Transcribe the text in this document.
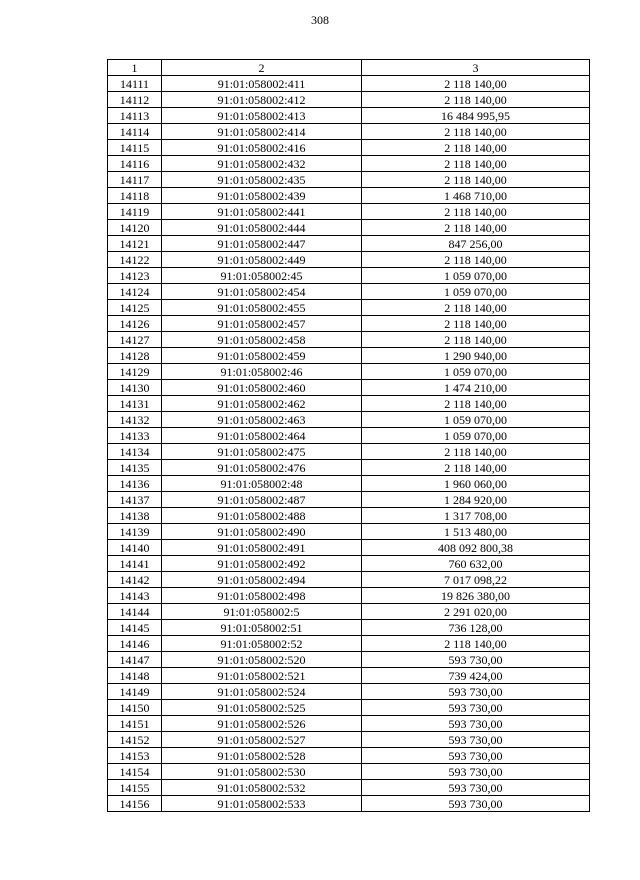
308
1	2	3
14111	91:01:058002:411	2 118 140,00
14112	91:01:058002:412	2 118 140,00
14113	91:01:058002:413	16 484 995,95
14114	91:01:058002:414	2 118 140,00
14115	91:01:058002:416	2 118 140,00
14116	91:01:058002:432	2 118 140,00
14117	91:01:058002:435	2 118 140,00
14118	91:01:058002:439	1 468 710,00
14119	91:01:058002:441	2 118 140,00
14120	91:01:058002:444	2 118 140,00
14121	91:01:058002:447	847 256,00
14122	91:01:058002:449	2 118 140,00
14123	91:01:058002:45	1 059 070,00
14124	91:01:058002:454	1 059 070,00
14125	91:01:058002:455	2 118 140,00
14126	91:01:058002:457	2 118 140,00
14127	91:01:058002:458	2 118 140,00
14128	91:01:058002:459	1 290 940,00
14129	91:01:058002:46	1 059 070,00
14130	91:01:058002:460	1 474 210,00
14131	91:01:058002:462	2 118 140,00
14132	91:01:058002:463	1 059 070,00
14133	91:01:058002:464	1 059 070,00
14134	91:01:058002:475	2 118 140,00
14135	91:01:058002:476	2 118 140,00
14136	91:01:058002:48	1 960 060,00
14137	91:01:058002:487	1 284 920,00
14138	91:01:058002:488	1 317 708,00
14139	91:01:058002:490	1 513 480,00
14140	91:01:058002:491	408 092 800,38
14141	91:01:058002:492	760 632,00
14142	91:01:058002:494	7 017 098,22
14143	91:01:058002:498	19 826 380,00
14144	91:01:058002:5	2 291 020,00
14145	91:01:058002:51	736 128,00
14146	91:01:058002:52	2 118 140,00
14147	91:01:058002:520	593 730,00
14148	91:01:058002:521	739 424,00
14149	91:01:058002:524	593 730,00
14150	91:01:058002:525	593 730,00
14151	91:01:058002:526	593 730,00
14152	91:01:058002:527	593 730,00
14153	91:01:058002:528	593 730,00
14154	91:01:058002:530	593 730,00
14155	91:01:058002:532	593 730,00
14156	91:01:058002:533	593 730,00
